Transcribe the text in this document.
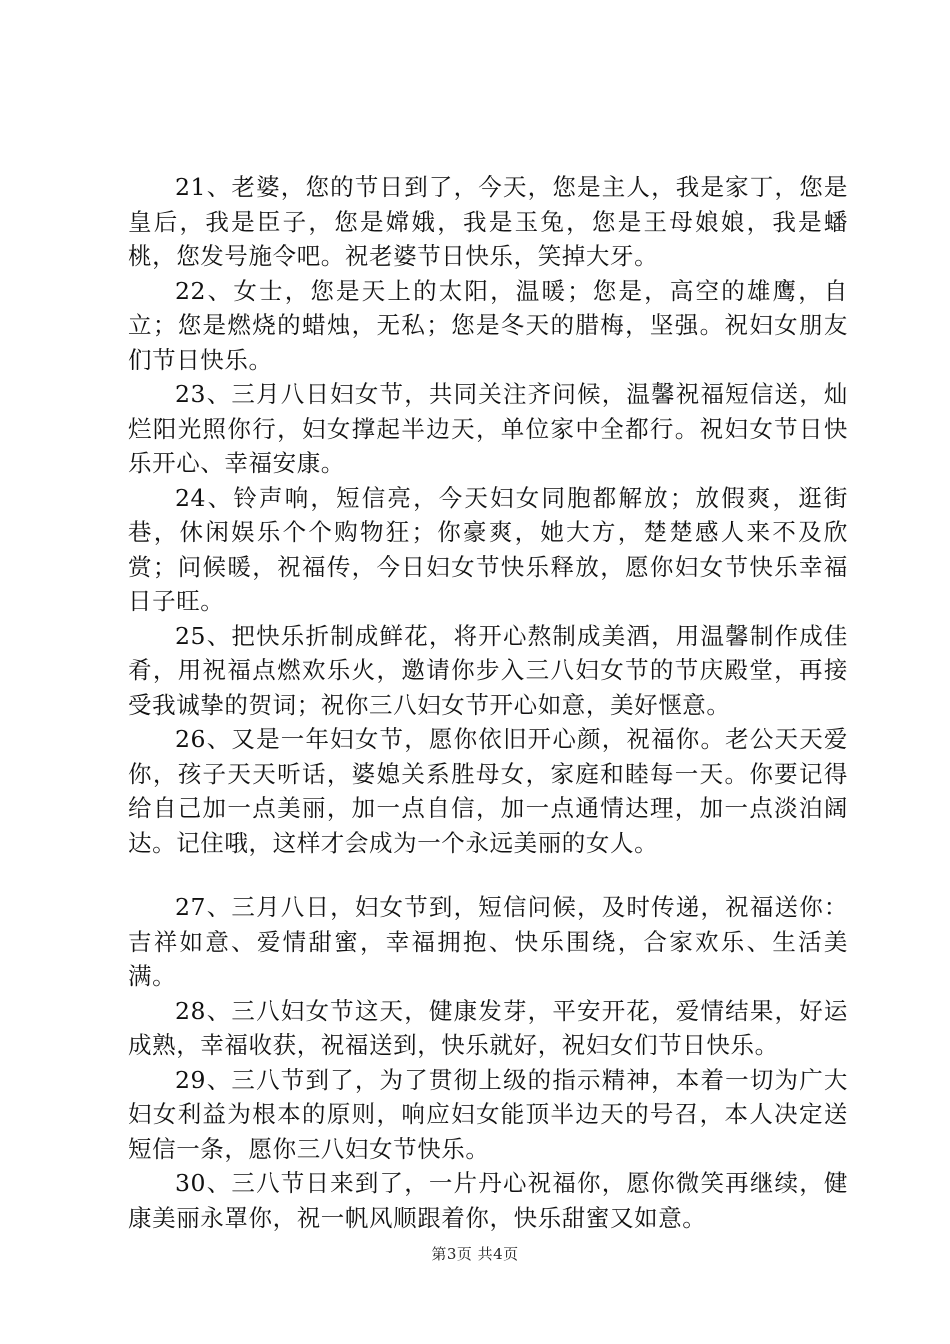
21、老婆，您的节日到了，今天，您是主人，我是家丁，您是皇后，我是臣子，您是嫦娥，我是玉兔，您是王母娘娘，我是蟠桃，您发号施令吧。祝老婆节日快乐，笑掉大牙。

22、女士，您是天上的太阳，温暖；您是，高空的雄鹰，自立；您是燃烧的蜡烛，无私；您是冬天的腊梅，坚强。祝妇女朋友们节日快乐。

23、三月八日妇女节，共同关注齐问候，温馨祝福短信送，灿烂阳光照你行，妇女撑起半边天，单位家中全都行。祝妇女节日快乐开心、幸福安康。

24、铃声响，短信亮，今天妇女同胞都解放；放假爽，逛街巷，休闲娱乐个个购物狂；你豪爽，她大方，楚楚感人来不及欣赏；问候暖，祝福传，今日妇女节快乐释放，愿你妇女节快乐幸福日子旺。

25、把快乐折制成鲜花，将开心熬制成美酒，用温馨制作成佳肴，用祝福点燃欢乐火，邀请你步入三八妇女节的节庆殿堂，再接受我诚挚的贺词；祝你三八妇女节开心如意，美好惬意。

26、又是一年妇女节，愿你依旧开心颜，祝福你。老公天天爱你，孩子天天听话，婆媳关系胜母女，家庭和睦每一天。你要记得给自己加一点美丽，加一点自信，加一点通情达理，加一点淡泊阔达。记住哦，这样才会成为一个永远美丽的女人。

27、三月八日，妇女节到，短信问候，及时传递，祝福送你：吉祥如意、爱情甜蜜，幸福拥抱、快乐围绕，合家欢乐、生活美满。

28、三八妇女节这天，健康发芽，平安开花，爱情结果，好运成熟，幸福收获，祝福送到，快乐就好，祝妇女们节日快乐。

29、三八节到了，为了贯彻上级的指示精神，本着一切为广大妇女利益为根本的原则，响应妇女能顶半边天的号召，本人决定送短信一条，愿你三八妇女节快乐。

30、三八节日来到了，一片丹心祝福你，愿你微笑再继续，健康美丽永罩你，祝一帆风顺跟着你，快乐甜蜜又如意。

第3页 共4页
